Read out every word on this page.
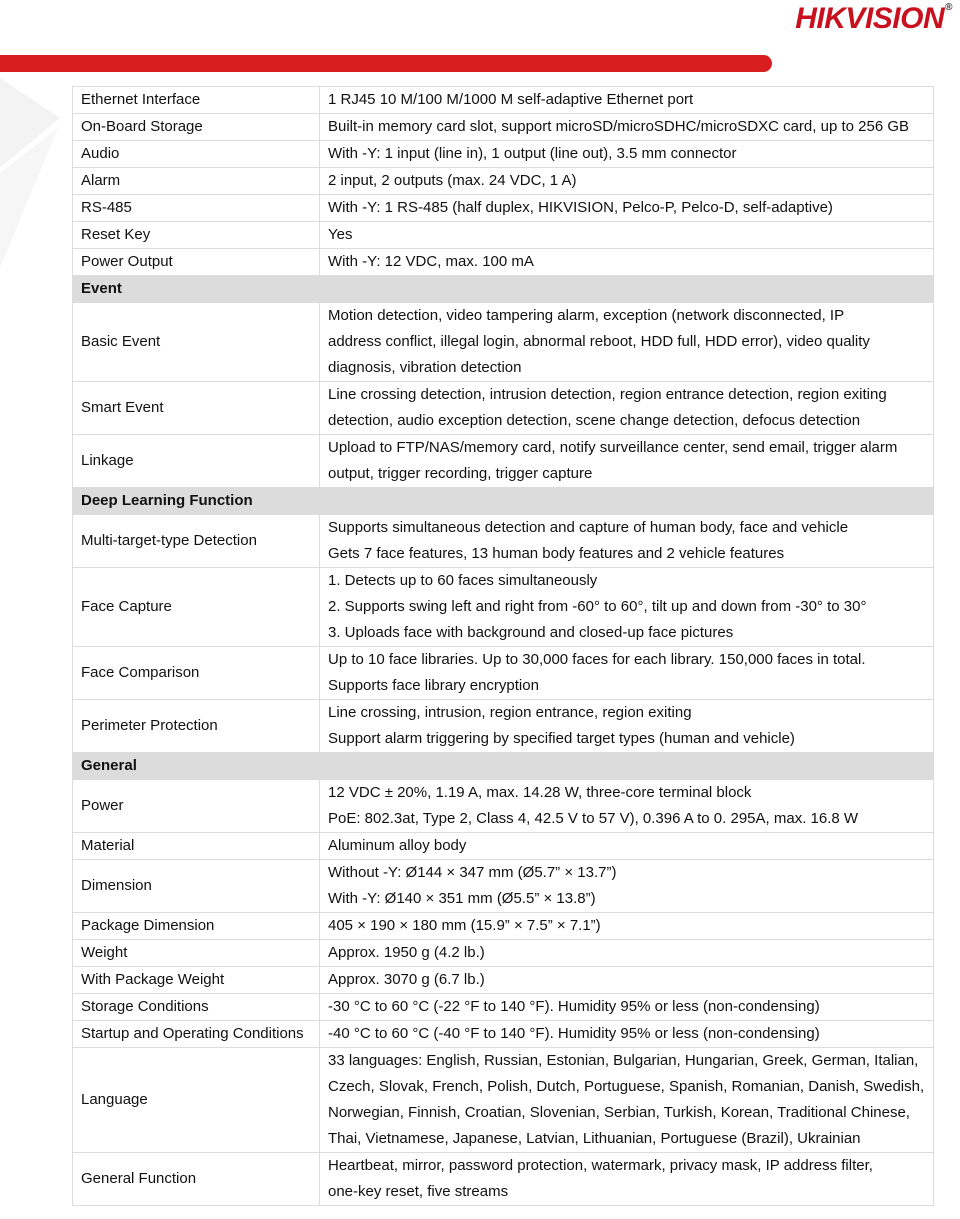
HIKVISION®
Ethernet Interface	1 RJ45 10 M/100 M/1000 M self-adaptive Ethernet port

On-Board Storage	Built-in memory card slot, support microSD/microSDHC/microSDXC card, up to 256 GB

Audio	With -Y: 1 input (line in), 1 output (line out), 3.5 mm connector

Alarm	2 input, 2 outputs (max. 24 VDC, 1 A)

RS-485	With -Y: 1 RS-485 (half duplex, HIKVISION, Pelco-P, Pelco-D, self-adaptive)

Reset Key	Yes

Power Output	With -Y: 12 VDC, max. 100 mA

Event	
Basic Event	Motion detection, video tampering alarm, exception (network disconnected, IP
address conflict, illegal login, abnormal reboot, HDD full, HDD error), video quality
diagnosis, vibration detection

Smart Event	Line crossing detection, intrusion detection, region entrance detection, region exiting
detection, audio exception detection, scene change detection, defocus detection

Linkage	Upload to FTP/NAS/memory card, notify surveillance center, send email, trigger alarm
output, trigger recording, trigger capture

Deep Learning Function	
Multi-target-type Detection	Supports simultaneous detection and capture of human body, face and vehicle
Gets 7 face features, 13 human body features and 2 vehicle features

Face Capture	1. Detects up to 60 faces simultaneously
2. Supports swing left and right from -60° to 60°, tilt up and down from -30° to 30°
3. Uploads face with background and closed-up face pictures

Face Comparison	Up to 10 face libraries. Up to 30,000 faces for each library. 150,000 faces in total.
Supports face library encryption

Perimeter Protection	Line crossing, intrusion, region entrance, region exiting
Support alarm triggering by specified target types (human and vehicle)

General	
Power	12 VDC ± 20%, 1.19 A, max. 14.28 W, three-core terminal block
PoE: 802.3at, Type 2, Class 4, 42.5 V to 57 V), 0.396 A to 0. 295A, max. 16.8 W

Material	Aluminum alloy body

Dimension	Without -Y: Ø144 × 347 mm (Ø5.7” × 13.7”)
With -Y: Ø140 × 351 mm (Ø5.5” × 13.8”)

Package Dimension	405 × 190 × 180 mm (15.9” × 7.5” × 7.1”)

Weight	Approx. 1950 g (4.2 lb.)

With Package Weight	Approx. 3070 g (6.7 lb.)

Storage Conditions	-30 °C to 60 °C (-22 °F to 140 °F). Humidity 95% or less (non-condensing)

Startup and Operating Conditions	-40 °C to 60 °C (-40 °F to 140 °F). Humidity 95% or less (non-condensing)

Language	33 languages: English, Russian, Estonian, Bulgarian, Hungarian, Greek, German, Italian,
Czech, Slovak, French, Polish, Dutch, Portuguese, Spanish, Romanian, Danish, Swedish,
Norwegian, Finnish, Croatian, Slovenian, Serbian, Turkish, Korean, Traditional Chinese,
Thai, Vietnamese, Japanese, Latvian, Lithuanian, Portuguese (Brazil), Ukrainian

General Function	Heartbeat, mirror, password protection, watermark, privacy mask, IP address filter,
one-key reset, five streams
